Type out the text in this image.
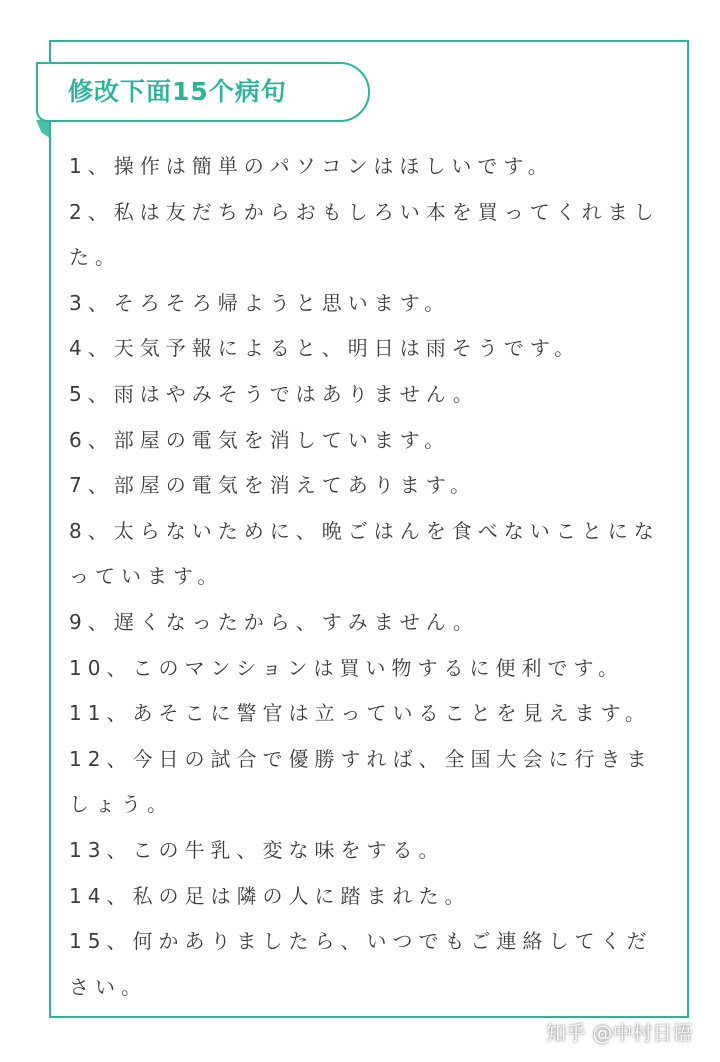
修改下面15个病句

1、操作は簡単のパソコンはほしいです。

2、私は友だちからおもしろい本を買ってくれました。

3、そろそろ帰ようと思います。

4、天気予報によると、明日は雨そうです。

5、雨はやみそうではありません。

6、部屋の電気を消しています。

7、部屋の電気を消えてあります。

8、太らないために、晩ごはんを食べないことになっています。

9、遅くなったから、すみません。

10、このマンションは買い物するに便利です。

11、あそこに警官は立っていることを見えます。

12、今日の試合で優勝すれば、全国大会に行きましょう。

13、この牛乳、変な味をする。

14、私の足は隣の人に踏まれた。

15、何かありましたら、いつでもご連絡してください。

知乎 @中村日语
